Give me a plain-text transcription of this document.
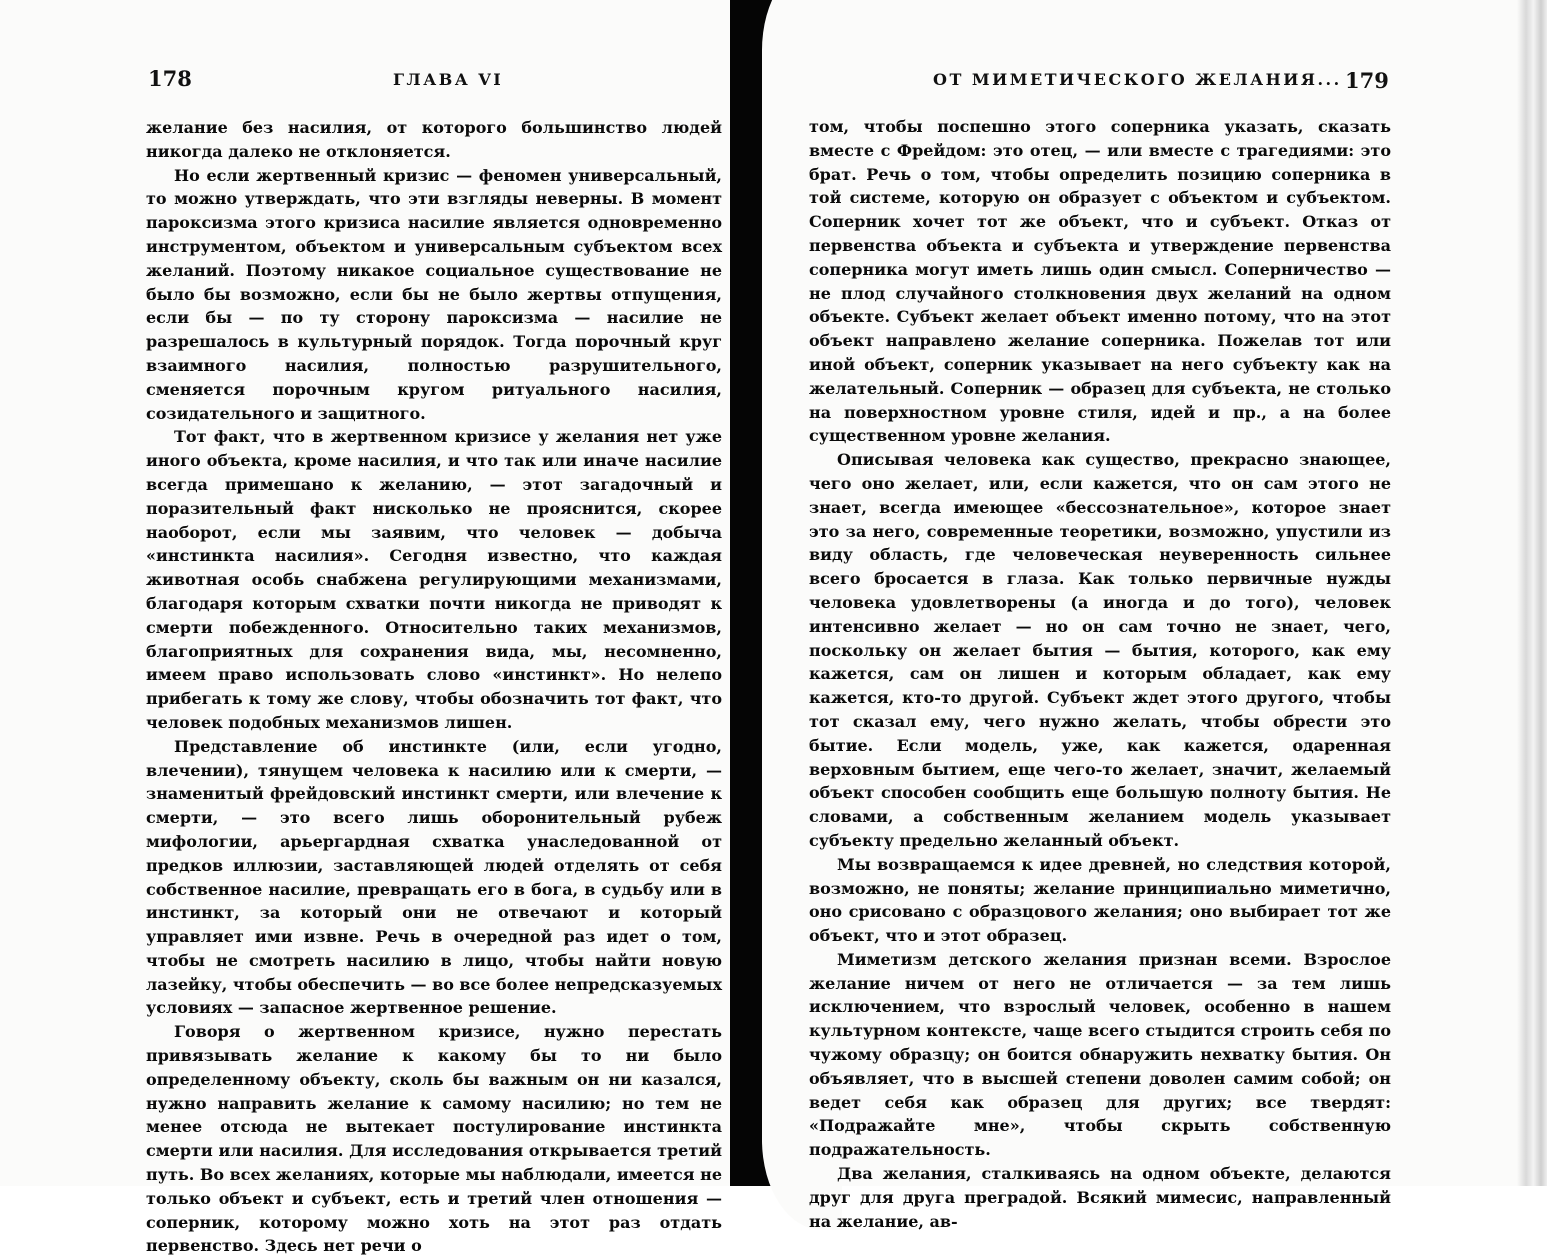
178	ГЛАВА VI

желание без насилия, от которого большинство людей никогда далеко не отклоняется.

Но если жертвенный кризис — феномен универсальный, то можно утверждать, что эти взгляды неверны. В момент пароксизма этого кризиса насилие является одновременно инструментом, объектом и универсальным субъектом всех желаний. Поэтому никакое социальное существование не было бы возможно, если бы не было жертвы отпущения, если бы — по ту сторону пароксизма — насилие не разрешалось в культурный порядок. Тогда порочный круг взаимного насилия, полностью разрушительного, сменяется порочным кругом ритуального насилия, созидательного и защитного.

Тот факт, что в жертвенном кризисе у желания нет уже иного объекта, кроме насилия, и что так или иначе насилие всегда примешано к желанию, — этот загадочный и поразительный факт нисколько не прояснится, скорее наоборот, если мы заявим, что человек — добыча «инстинкта насилия». Сегодня известно, что каждая животная особь снабжена регулирующими механизмами, благодаря которым схватки почти никогда не приводят к смерти побежденного. Относительно таких механизмов, благоприятных для сохранения вида, мы, несомненно, имеем право использовать слово «инстинкт». Но нелепо прибегать к тому же слову, чтобы обозначить тот факт, что человек подобных механизмов лишен.

Представление об инстинкте (или, если угодно, влечении), тянущем человека к насилию или к смерти, — знаменитый фрейдовский инстинкт смерти, или влечение к смерти, — это всего лишь оборонительный рубеж мифологии, арьергардная схватка унаследованной от предков иллюзии, заставляющей людей отделять от себя собственное насилие, превращать его в бога, в судьбу или в инстинкт, за который они не отвечают и который управляет ими извне. Речь в очередной раз идет о том, чтобы не смотреть насилию в лицо, чтобы найти новую лазейку, чтобы обеспечить — во все более непредсказуемых условиях — запасное жертвенное решение.

Говоря о жертвенном кризисе, нужно перестать привязывать желание к какому бы то ни было определенному объекту, сколь бы важным он ни казался, нужно направить желание к самому насилию; но тем не менее отсюда не вытекает постулирование инстинкта смерти или насилия. Для исследования открывается третий путь. Во всех желаниях, которые мы наблюдали, имеется не только объект и субъект, есть и третий член отношения — соперник, которому можно хоть на этот раз отдать первенство. Здесь нет речи о

ОТ МИМЕТИЧЕСКОГО ЖЕЛАНИЯ... 179

том, чтобы поспешно этого соперника указать, сказать вместе с Фрейдом: это отец, — или вместе с трагедиями: это брат. Речь о том, чтобы определить позицию соперника в той системе, которую он образует с объектом и субъектом. Соперник хочет тот же объект, что и субъект. Отказ от первенства объекта и субъекта и утверждение первенства соперника могут иметь лишь один смысл. Соперничество — не плод случайного столкновения двух желаний на одном объекте. Субъект желает объект именно потому, что на этот объект направлено желание соперника. Пожелав тот или иной объект, соперник указывает на него субъекту как на желательный. Соперник — образец для субъекта, не столько на поверхностном уровне стиля, идей и пр., а на более существенном уровне желания.

Описывая человека как существо, прекрасно знающее, чего оно желает, или, если кажется, что он сам этого не знает, всегда имеющее «бессознательное», которое знает это за него, современные теоретики, возможно, упустили из виду область, где человеческая неуверенность сильнее всего бросается в глаза. Как только первичные нужды человека удовлетворены (а иногда и до того), человек интенсивно желает — но он сам точно не знает, чего, поскольку он желает бытия — бытия, которого, как ему кажется, сам он лишен и которым обладает, как ему кажется, кто-то другой. Субъект ждет этого другого, чтобы тот сказал ему, чего нужно желать, чтобы обрести это бытие. Если модель, уже, как кажется, одаренная верховным бытием, еще чего-то желает, значит, желаемый объект способен сообщить еще большую полноту бытия. Не словами, а собственным желанием модель указывает субъекту предельно желанный объект.

Мы возвращаемся к идее древней, но следствия которой, возможно, не поняты; желание принципиально миметично, оно срисовано с образцового желания; оно выбирает тот же объект, что и этот образец.

Миметизм детского желания признан всеми. Взрослое желание ничем от него не отличается — за тем лишь исключением, что взрослый человек, особенно в нашем культурном контексте, чаще всего стыдится строить себя по чужому образцу; он боится обнаружить нехватку бытия. Он объявляет, что в высшей степени доволен самим собой; он ведет себя как образец для других; все твердят: «Подражайте мне», чтобы скрыть собственную подражательность.

Два желания, сталкиваясь на одном объекте, делаются друг для друга преградой. Всякий мимесис, направленный на желание, ав-
